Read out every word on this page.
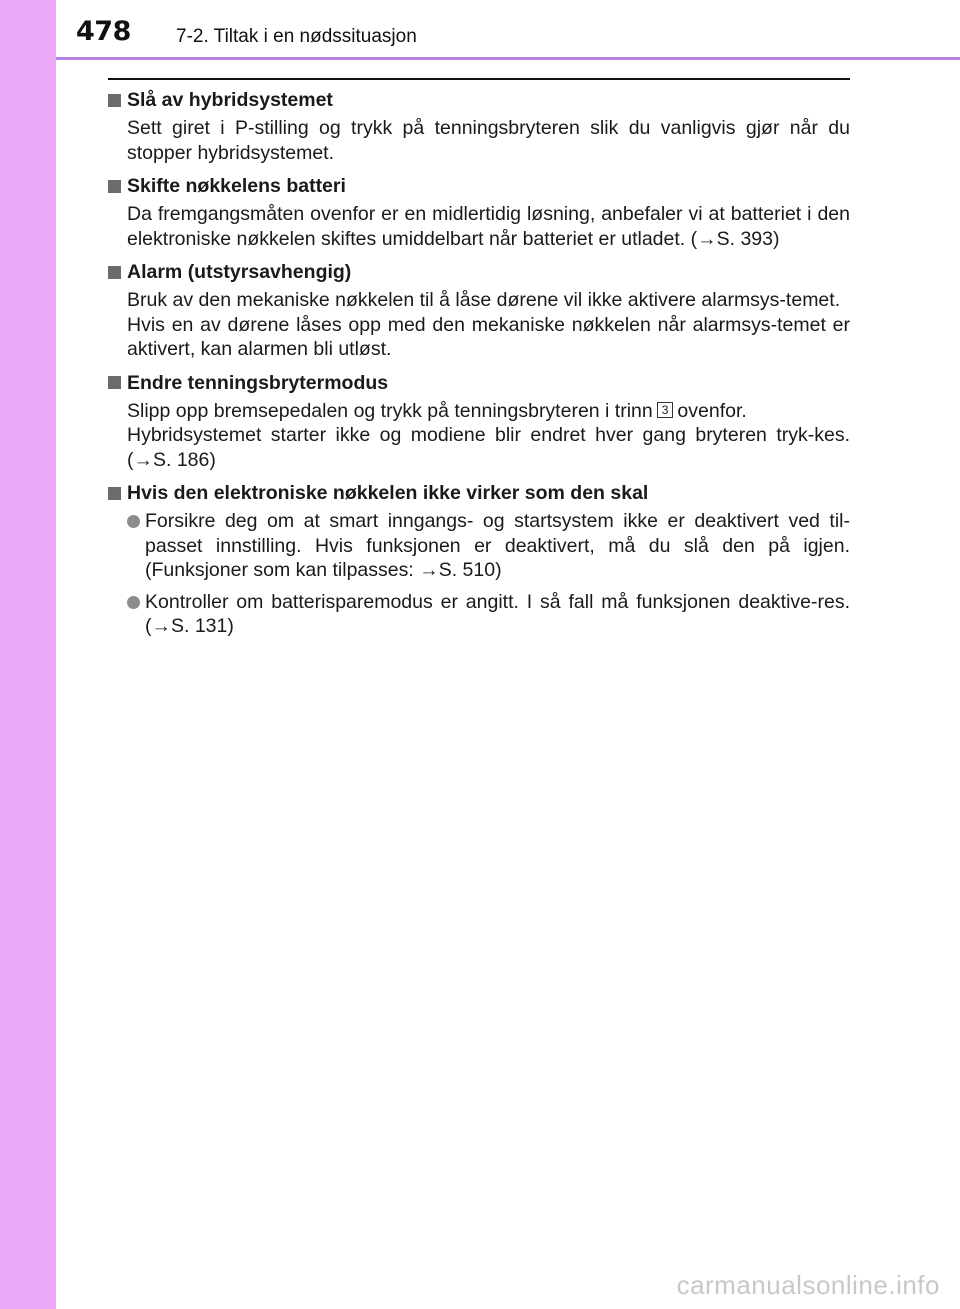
478 7-2. Tiltak i en nødssituasjon
Slå av hybridsystemet
Sett giret i P-stilling og trykk på tenningsbryteren slik du vanligvis gjør når du stopper hybridsystemet.
Skifte nøkkelens batteri
Da fremgangsmåten ovenfor er en midlertidig løsning, anbefaler vi at batteriet i den elektroniske nøkkelen skiftes umiddelbart når batteriet er utladet. (→S. 393)
Alarm (utstyrsavhengig)
Bruk av den mekaniske nøkkelen til å låse dørene vil ikke aktivere alarmsys-temet.
Hvis en av dørene låses opp med den mekaniske nøkkelen når alarmsys-temet er aktivert, kan alarmen bli utløst.
Endre tenningsbrytermodus
Slipp opp bremsepedalen og trykk på tenningsbryteren i trinn 3 ovenfor.
Hybridsystemet starter ikke og modiene blir endret hver gang bryteren tryk-kes. (→S. 186)
Hvis den elektroniske nøkkelen ikke virker som den skal
Forsikre deg om at smart inngangs- og startsystem ikke er deaktivert ved til-passet innstilling. Hvis funksjonen er deaktivert, må du slå den på igjen. (Funksjoner som kan tilpasses: →S. 510)
Kontroller om batterisparemodus er angitt. I så fall må funksjonen deaktive-res. (→S. 131)
carmanualsonline.info
